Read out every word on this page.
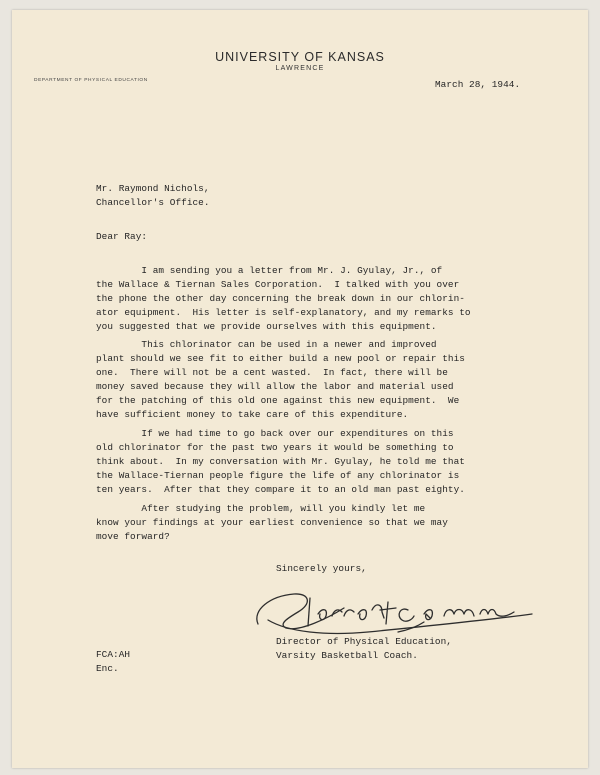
UNIVERSITY OF KANSAS
LAWRENCE
DEPARTMENT OF PHYSICAL EDUCATION	March 28, 1944.
Mr. Raymond Nichols,
Chancellor's Office.
Dear Ray:

I am sending you a letter from Mr. J. Gyulay, Jr., of

the Wallace & Tiernan Sales Corporation.  I talked with you over

the phone the other day concerning the break down in our chlorin-

ator equipment.  His letter is self-explanatory, and my remarks to

you suggested that we provide ourselves with this equipment.

This chlorinator can be used in a newer and improved

plant should we see fit to either build a new pool or repair this

one.  There will not be a cent wasted.  In fact, there will be

money saved because they will allow the labor and material used

for the patching of this old one against this new equipment.  We

have sufficient money to take care of this expenditure.

If we had time to go back over our expenditures on this

old chlorinator for the past two years it would be something to

think about.  In my conversation with Mr. Gyulay, he told me that

the Wallace-Tiernan people figure the life of any chlorinator is

ten years.  After that they compare it to an old man past eighty.

After studying the problem, will you kindly let me

know your findings at your earliest convenience so that we may

move forward?

Sincerely yours,
Director of Physical Education,
Varsity Basketball Coach.
FCA:AH
Enc.
